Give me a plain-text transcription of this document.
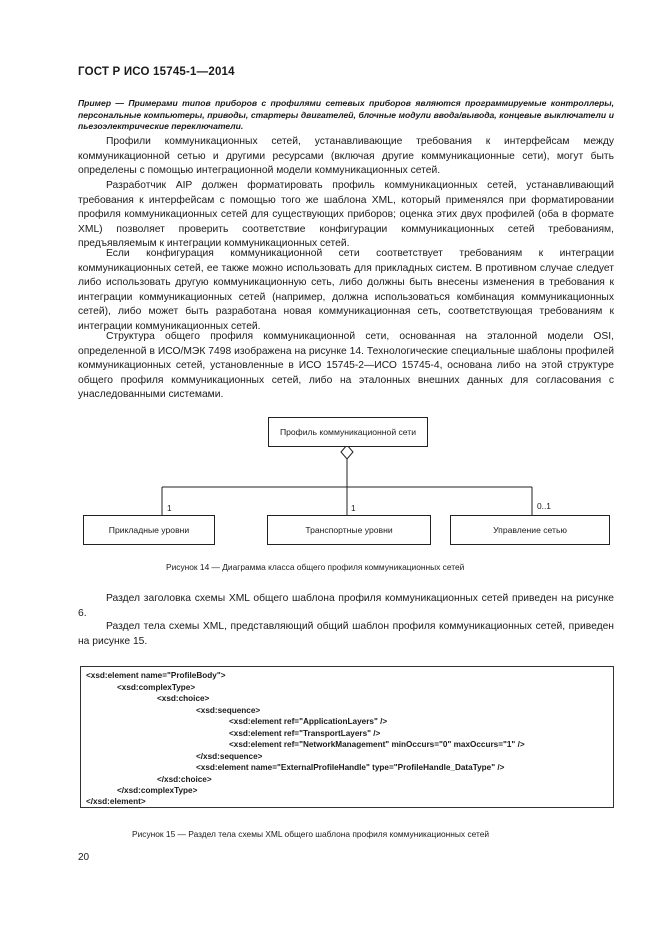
ГОСТ Р ИСО 15745-1—2014
Пример — Примерами типов приборов с профилями сетевых приборов являются программируемые контроллеры, персональные компьютеры, приводы, стартеры двигателей, блочные модули ввода/вывода, концевые выключатели и пьезоэлектрические переключатели.
Профили коммуникационных сетей, устанавливающие требования к интерфейсам между коммуникационной сетью и другими ресурсами (включая другие коммуникационные сети), могут быть определены с помощью интеграционной модели коммуникационных сетей.
Разработчик AIP должен форматировать профиль коммуникационных сетей, устанавливающий требования к интерфейсам с помощью того же шаблона XML, который применялся при форматировании профиля коммуникационных сетей для существующих приборов; оценка этих двух профилей (оба в формате XML) позволяет проверить соответствие конфигурации коммуникационных сетей требованиям, предъявляемым к интеграции коммуникационных сетей.
Если конфигурация коммуникационной сети соответствует требованиям к интеграции коммуникационных сетей, ее также можно использовать для прикладных систем. В противном случае следует либо использовать другую коммуникационную сеть, либо должны быть внесены изменения в требования к интеграции коммуникационных сетей (например, должна использоваться комбинация коммуникационных сетей), либо может быть разработана новая коммуникационная сеть, соответствующая требованиям к интеграции коммуникационных сетей.
Структура общего профиля коммуникационной сети, основанная на эталонной модели OSI, определенной в ИСО/МЭК 7498 изображена на рисунке 14. Технологические специальные шаблоны профилей коммуникационных сетей, установленные в ИСО 15745-2—ИСО 15745-4, основана либо на этой структуре общего профиля коммуникационных сетей, либо на эталонных внешних данных для согласования с унаследованными системами.
Профиль коммуникационной сети
Прикладные уровни	Транспортные уровни	Управление сетью
1	1	0..1
Рисунок 14 — Диаграмма класса общего профиля коммуникационных сетей
Раздел заголовка схемы XML общего шаблона профиля коммуникационных сетей приведен на рисунке 6.
Раздел тела схемы XML, представляющий общий шаблон профиля коммуникационных сетей, приведен на рисунке 15.
<xsd:element name="ProfileBody">
<xsd:complexType>
<xsd:choice>
<xsd:sequence>
<xsd:element ref="ApplicationLayers" />
<xsd:element ref="TransportLayers" />
<xsd:element ref="NetworkManagement" minOccurs="0" maxOccurs="1" />
</xsd:sequence>
<xsd:element name="ExternalProfileHandle" type="ProfileHandle_DataType" />
</xsd:choice>
</xsd:complexType>
</xsd:element>
Рисунок 15 — Раздел тела схемы XML общего шаблона профиля коммуникационных сетей
20
